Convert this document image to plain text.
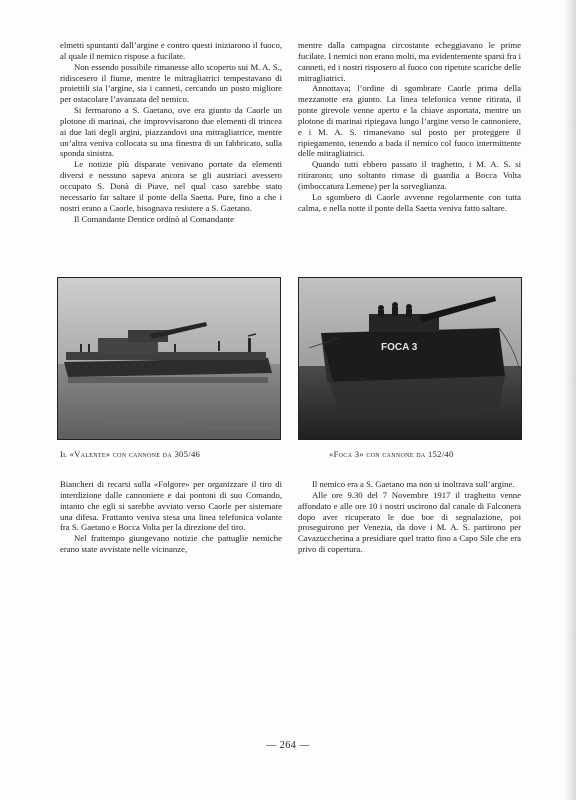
elmetti spuntanti dall’argine e contro questi iniziarono il fuoco, al quale il nemico rispose a fucilate.

Non essendo possibile rimanesse allo scoperto sui M. A. S., ridiscesero il fiume, mentre le mitragliatrici tempestavano di proiettili sia l’argine, sia i canneti, cercando un posto migliore per ostacolare l’avanzata del nemico.

Si fermarono a S. Gaetano, ove era giunto da Caorle un plotone di marinai, che improvvisarono due elementi di trincea ai due lati degli argini, piazzandovi una mitragliatrice, mentre un’altra veniva collocata su una finestra di un fabbricato, sulla sponda sinistra.

Le notizie più disparate venivano portate da elementi diversi e nessuno sapeva ancora se gli austriaci avessero occupato S. Donà di Piave, nel qual caso sarebbe stato necessario far saltare il ponte della Saetta. Pure, fino a che i nostri erano a Caorle, bisognava resistere a S. Gaetano.

Il Comandante Dentice ordinò al Comandante

mentre dalla campagna circostante echeggiavano le prime fucilate. I nemici non erano molti, ma evidentemente sparsi fra i canneti, ed i nostri risposero al fuoco con ripetute scariche delle mitragliatrici.

Annottava; l’ordine di sgombrare Caorle prima della mezzanotte era giunto. La linea telefonica venne ritirata, il ponte girevole venne aperto e la chiave asportata, mentre un plotone di marinai ripiegava lungo l’argine verso le cannoniere, e i M. A. S. rimanevano sul posto per proteggere il ripiegamento, tenendo a bada il nemico col fuoco intermittente delle mitragliatrici.

Quando tutti ebbero passato il traghetto, i M. A. S. si ritirarono; uno soltanto rimase di guardia a Bocca Volta (imboccatura Lemene) per la sorveglianza.

Lo sgombero di Caorle avvenne regolarmente con tutta calma, e nella notte il ponte della Saetta veniva fatto saltare.

FOCA 3
Il «Valente» con cannone da 305/46	«Foca 3» con cannone da 152/40

Biancheri di recarsi sulla «Folgore» per organizzare il tiro di interdizione dalle cannoniere e dai pontoni di suo Comando, intanto che egli si sarebbe avviato verso Caorle per sistemare una difesa. Frattanto veniva stesa una linea telefonica volante fra S. Gaetano e Bocca Volta per la direzione del tiro.

Nel frattempo giungevano notizie che pattuglie nemiche erano state avvistate nelle vicinanze,

Il nemico era a S. Gaetano ma non si inoltrava sull’argine.

Alle ore 9.30 del 7 Novembre 1917 il traghetto venne affondato e alle ore 10 i nostri uscirono dal canale di Falconera dopo aver ricuperato le due boe di segnalazione, poi proseguirono per Venezia, da dove i M. A. S. partirono per Cavazuccherina a presidiare quel tratto fino a Capo Sile che era privo di copertura.

— 264 —
